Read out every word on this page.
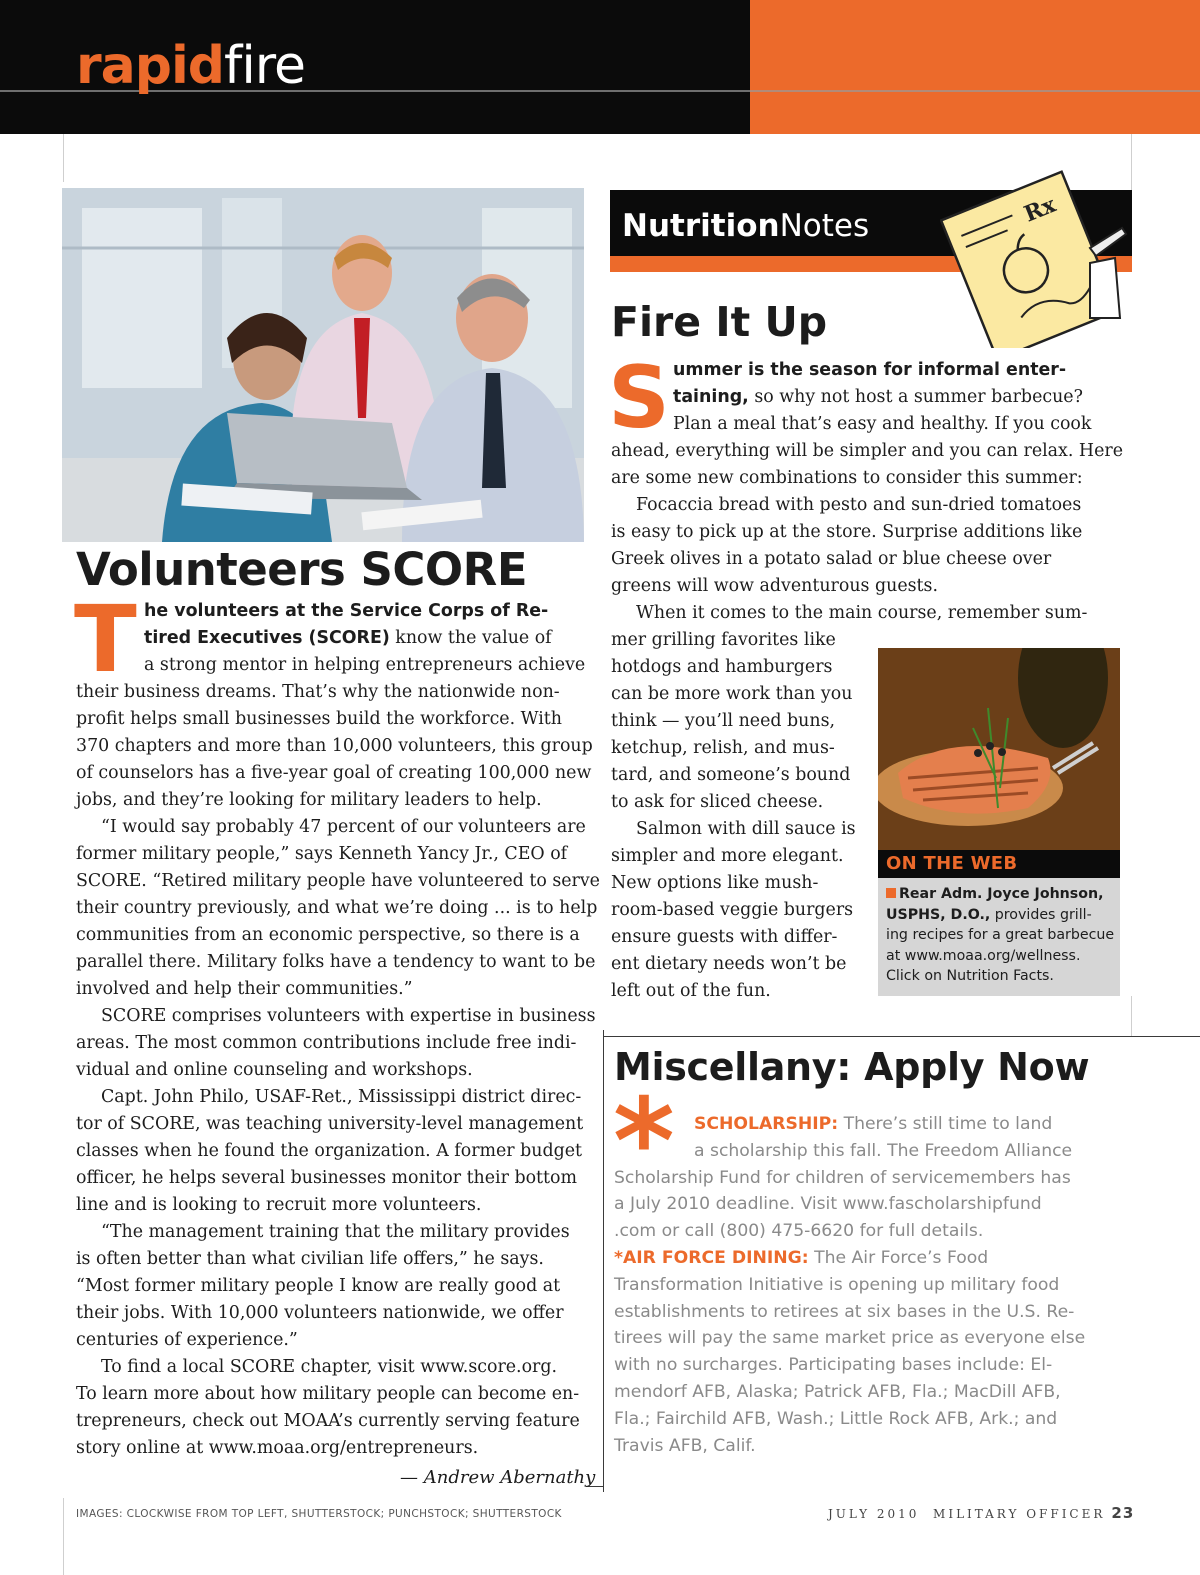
rapidfire
Volunteers SCORE
T he volunteers at the Service Corps of Re-
tired Executives (SCORE) know the value of
a strong mentor in helping entrepreneurs achieve
their business dreams. That’s why the nationwide non-
profit helps small businesses build the workforce. With
370 chapters and more than 10,000 volunteers, this group
of counselors has a five-year goal of creating 100,000 new
jobs, and they’re looking for military leaders to help.
“I would say probably 47 percent of our volunteers are
former military people,” says Kenneth Yancy Jr., CEO of
SCORE. “Retired military people have volunteered to serve
their country previously, and what we’re doing ... is to help
communities from an economic perspective, so there is a
parallel there. Military folks have a tendency to want to be
involved and help their communities.”
SCORE comprises volunteers with expertise in business
areas. The most common contributions include free indi-
vidual and online counseling and workshops.
Capt. John Philo, USAF-Ret., Mississippi district direc-
tor of SCORE, was teaching university-level management
classes when he found the organization. A former budget
officer, he helps several businesses monitor their bottom
line and is looking to recruit more volunteers.
“The management training that the military provides
is often better than what civilian life offers,” he says.
“Most former military people I know are really good at
their jobs. With 10,000 volunteers nationwide, we offer
centuries of experience.”
To find a local SCORE chapter, visit www.score.org.
To learn more about how military people can become en-
trepreneurs, check out MOAA’s currently serving feature
story online at www.moaa.org/entrepreneurs.
— Andrew Abernathy
NutritionNotes	Rx
Fire It Up
S ummer is the season for informal enter-
taining, so why not host a summer barbecue?
Plan a meal that’s easy and healthy. If you cook
ahead, everything will be simpler and you can relax. Here
are some new combinations to consider this summer:
Focaccia bread with pesto and sun-dried tomatoes
is easy to pick up at the store. Surprise additions like
Greek olives in a potato salad or blue cheese over
greens will wow adventurous guests.
When it comes to the main course, remember sum-
mer grilling favorites like
hotdogs and hamburgers
can be more work than you
think — you’ll need buns,
ketchup, relish, and mus-
tard, and someone’s bound
to ask for sliced cheese.
Salmon with dill sauce is
simpler and more elegant.
New options like mush-
room-based veggie burgers
ensure guests with differ-
ent dietary needs won’t be
left out of the fun.
ON THE WEB
Rear Adm. Joyce Johnson,
USPHS, D.O., provides grill-
ing recipes for a great barbecue
at www.moaa.org/wellness.
Click on Nutrition Facts.
Miscellany: Apply Now
*	SCHOLARSHIP: There’s still time to land
a scholarship this fall. The Freedom Alliance
Scholarship Fund for children of servicemembers has
a July 2010 deadline. Visit www.fascholarshipfund
.com or call (800) 475-6620 for full details.
*AIR FORCE DINING: The Air Force’s Food
Transformation Initiative is opening up military food
establishments to retirees at six bases in the U.S. Re-
tirees will pay the same market price as everyone else
with no surcharges. Participating bases include: El-
mendorf AFB, Alaska; Patrick AFB, Fla.; MacDill AFB,
Fla.; Fairchild AFB, Wash.; Little Rock AFB, Ark.; and
Travis AFB, Calif.
IMAGES: CLOCKWISE FROM TOP LEFT, SHUTTERSTOCK; PUNCHSTOCK; SHUTTERSTOCK	JULY 2010 MILITARY OFFICER 23
